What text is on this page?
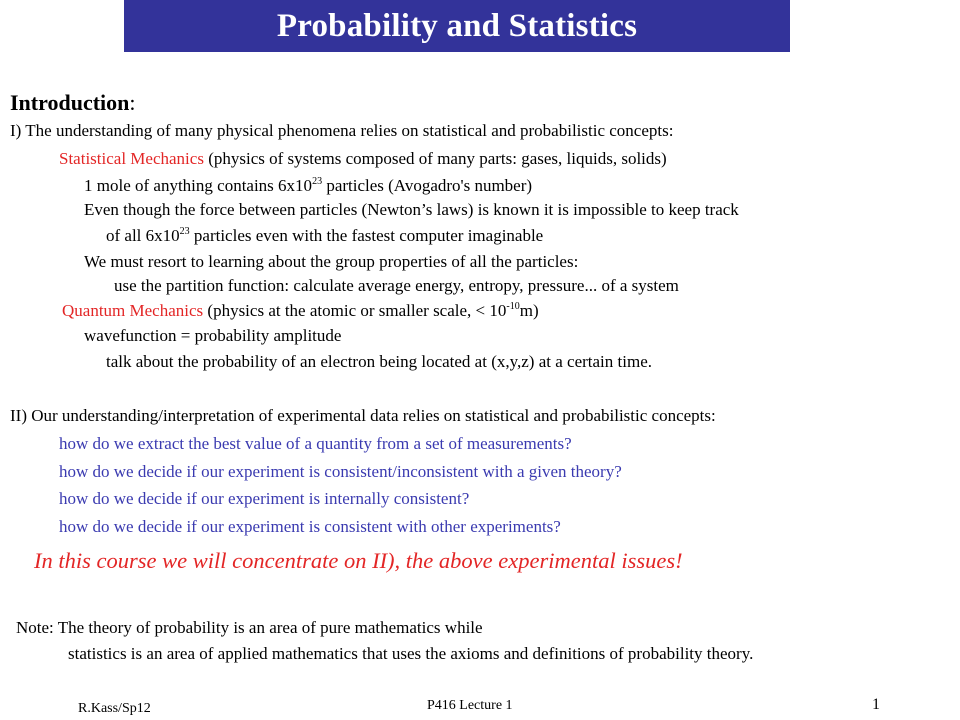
Probability and Statistics
Introduction:
I) The understanding of many physical phenomena relies on statistical and probabilistic concepts:
Statistical Mechanics (physics of systems composed of many parts: gases, liquids, solids)
1 mole of anything contains $6x10^{23}$ particles (Avogadro's number)
Even though the force between particles (Newton’s laws) is known it is impossible to keep track
of all $6x10^{23}$ particles even with the fastest computer imaginable
We must resort to learning about the group properties of all the particles:
use the partition function: calculate average energy, entropy, pressure... of a system
Quantum Mechanics (physics at the atomic or smaller scale, < $10^{-10}m$)
wavefunction = probability amplitude
talk about the probability of an electron being located at (x,y,z) at a certain time.
II) Our understanding/interpretation of experimental data relies on statistical and probabilistic concepts:
how do we extract the best value of a quantity from a set of measurements?
how do we decide if our experiment is consistent/inconsistent with a given theory?
how do we decide if our experiment is internally consistent?
how do we decide if our experiment is consistent with other experiments?
In this course we will concentrate on II), the above experimental issues!
Note: The theory of probability is an area of pure mathematics while
statistics is an area of applied mathematics that uses the axioms and definitions of probability theory.
R.Kass/Sp12	P416 Lecture 1	1
